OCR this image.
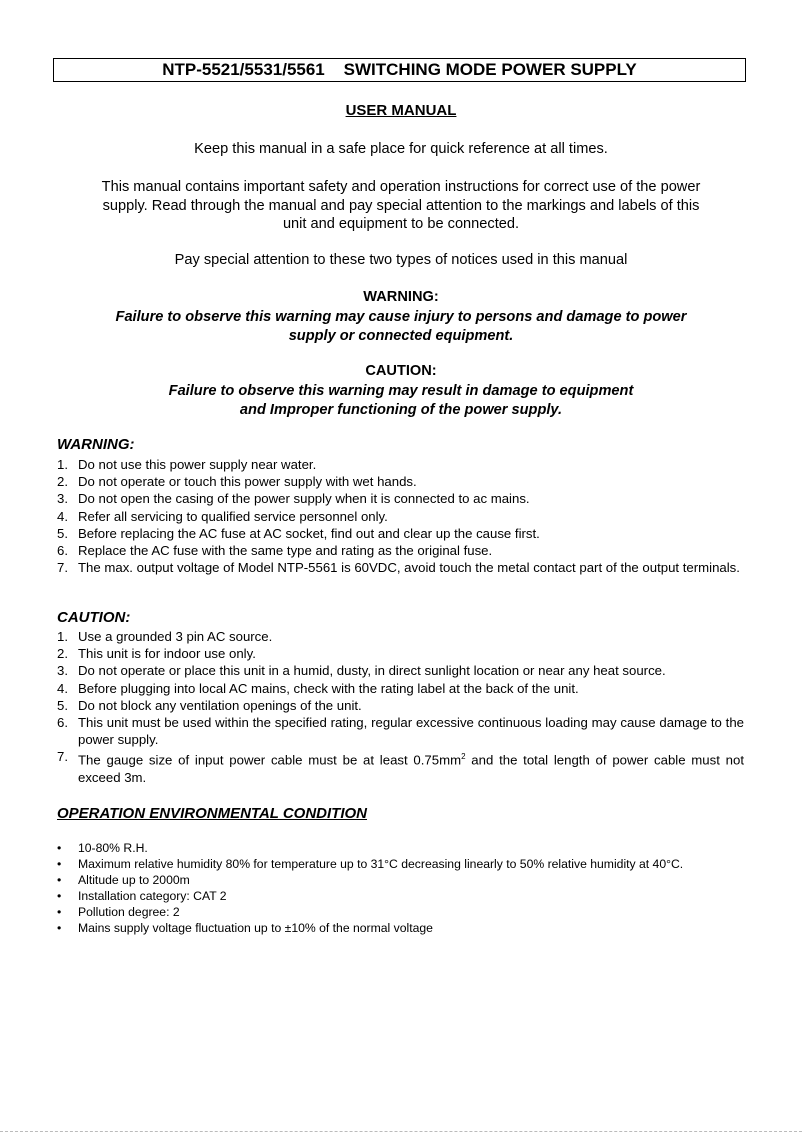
NTP-5521/5531/5561    SWITCHING MODE POWER SUPPLY
USER MANUAL
Keep this manual in a safe place for quick reference at all times.
This manual contains important safety and operation instructions for correct use of the power
supply. Read through the manual and pay special attention to the markings and labels of this
unit and equipment to be connected.
Pay special attention to these two types of notices used in this manual
WARNING:
Failure to observe this warning may cause injury to persons and damage to power
supply or connected equipment.
CAUTION:
Failure to observe this warning may result in damage to equipment
and Improper functioning of the power supply.
WARNING:
1. Do not use this power supply near water.
2. Do not operate or touch this power supply with wet hands.
3. Do not open the casing of the power supply when it is connected to ac mains.
4. Refer all servicing to qualified service personnel only.
5. Before replacing the AC fuse at AC socket, find out and clear up the cause first.
6. Replace the AC fuse with the same type and rating as the original fuse.
7. The max. output voltage of Model NTP-5561 is 60VDC, avoid touch the metal contact part of the output terminals.
CAUTION:
1. Use a grounded 3 pin AC source.
2. This unit is for indoor use only.
3. Do not operate or place this unit in a humid, dusty, in direct sunlight location or near any heat source.
4. Before plugging into local AC mains, check with the rating label at the back of the unit.
5. Do not block any ventilation openings of the unit.
6. This unit must be used within the specified rating, regular excessive continuous loading may cause damage to the power supply.
7. The gauge size of input power cable must be at least $0.75mm^2$ and the total length of power cable must not exceed 3m.
OPERATION ENVIRONMENTAL CONDITION
•	10-80% R.H.
•	Maximum relative humidity 80% for temperature up to 31°C decreasing linearly to 50% relative humidity at 40°C.
•	Altitude up to 2000m
•	Installation category: CAT 2
•	Pollution degree: 2
•	Mains supply voltage fluctuation up to ±10% of the normal voltage
